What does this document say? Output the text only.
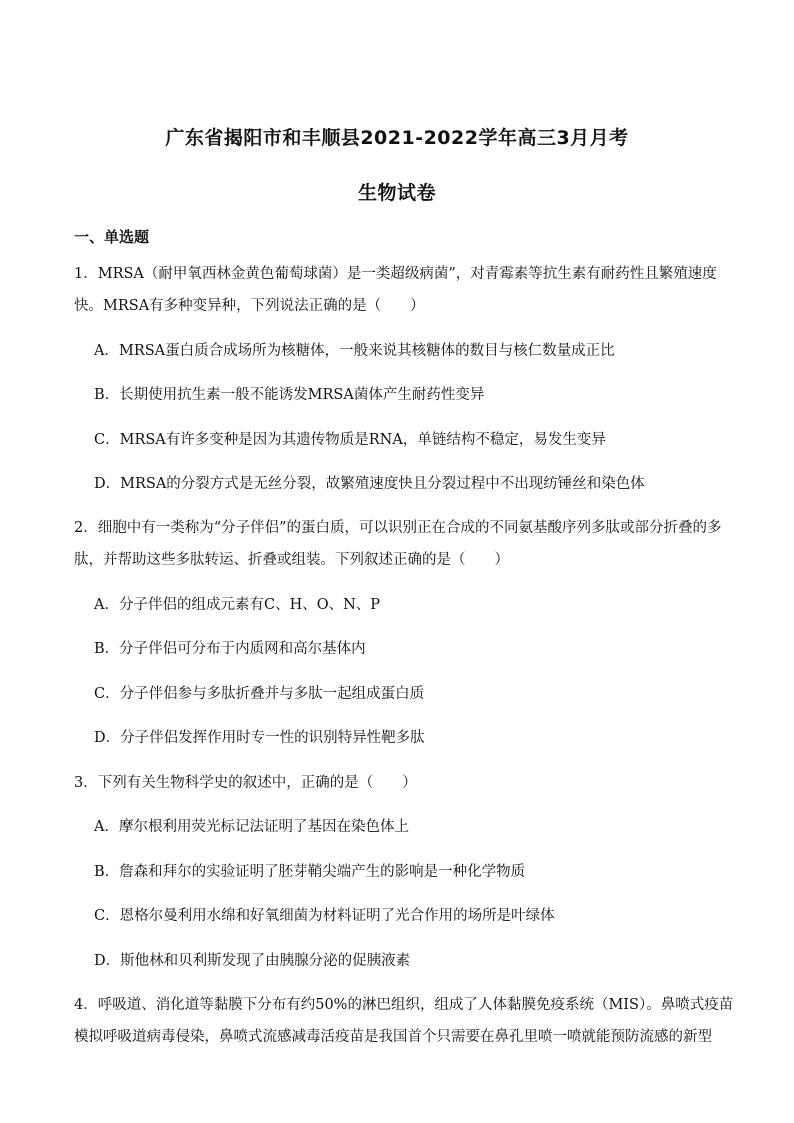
广东省揭阳市和丰顺县2021-2022学年高三3月月考
生物试卷
一、单选题
1．MRSA（耐甲氧西林金黄色葡萄球菌）是一类超级病菌”，对青霉素等抗生素有耐药性且繁殖速度
快。MRSA有多种变异种，下列说法正确的是（　　）
A．MRSA蛋白质合成场所为核糖体，一般来说其核糖体的数目与核仁数量成正比
B．长期使用抗生素一般不能诱发MRSA菌体产生耐药性变异
C．MRSA有许多变种是因为其遗传物质是RNA，单链结构不稳定，易发生变异
D．MRSA的分裂方式是无丝分裂，故繁殖速度快且分裂过程中不出现纺锤丝和染色体
2．细胞中有一类称为“分子伴侣”的蛋白质，可以识别正在合成的不同氨基酸序列多肽或部分折叠的多
肽，并帮助这些多肽转运、折叠或组装。下列叙述正确的是（　　）
A．分子伴侣的组成元素有C、H、O、N、P
B．分子伴侣可分布于内质网和高尔基体内
C．分子伴侣参与多肽折叠并与多肽一起组成蛋白质
D．分子伴侣发挥作用时专一性的识别特异性靶多肽
3．下列有关生物科学史的叙述中，正确的是（　　）
A．摩尔根利用荧光标记法证明了基因在染色体上
B．詹森和拜尔的实验证明了胚芽鞘尖端产生的影响是一种化学物质
C．恩格尔曼利用水绵和好氧细菌为材料证明了光合作用的场所是叶绿体
D．斯他林和贝利斯发现了由胰腺分泌的促胰液素
4．呼吸道、消化道等黏膜下分布有约50%的淋巴组织，组成了人体黏膜免疫系统（MIS）。鼻喷式疫苗
模拟呼吸道病毒侵染，鼻喷式流感减毒活疫苗是我国首个只需要在鼻孔里喷一喷就能预防流感的新型
